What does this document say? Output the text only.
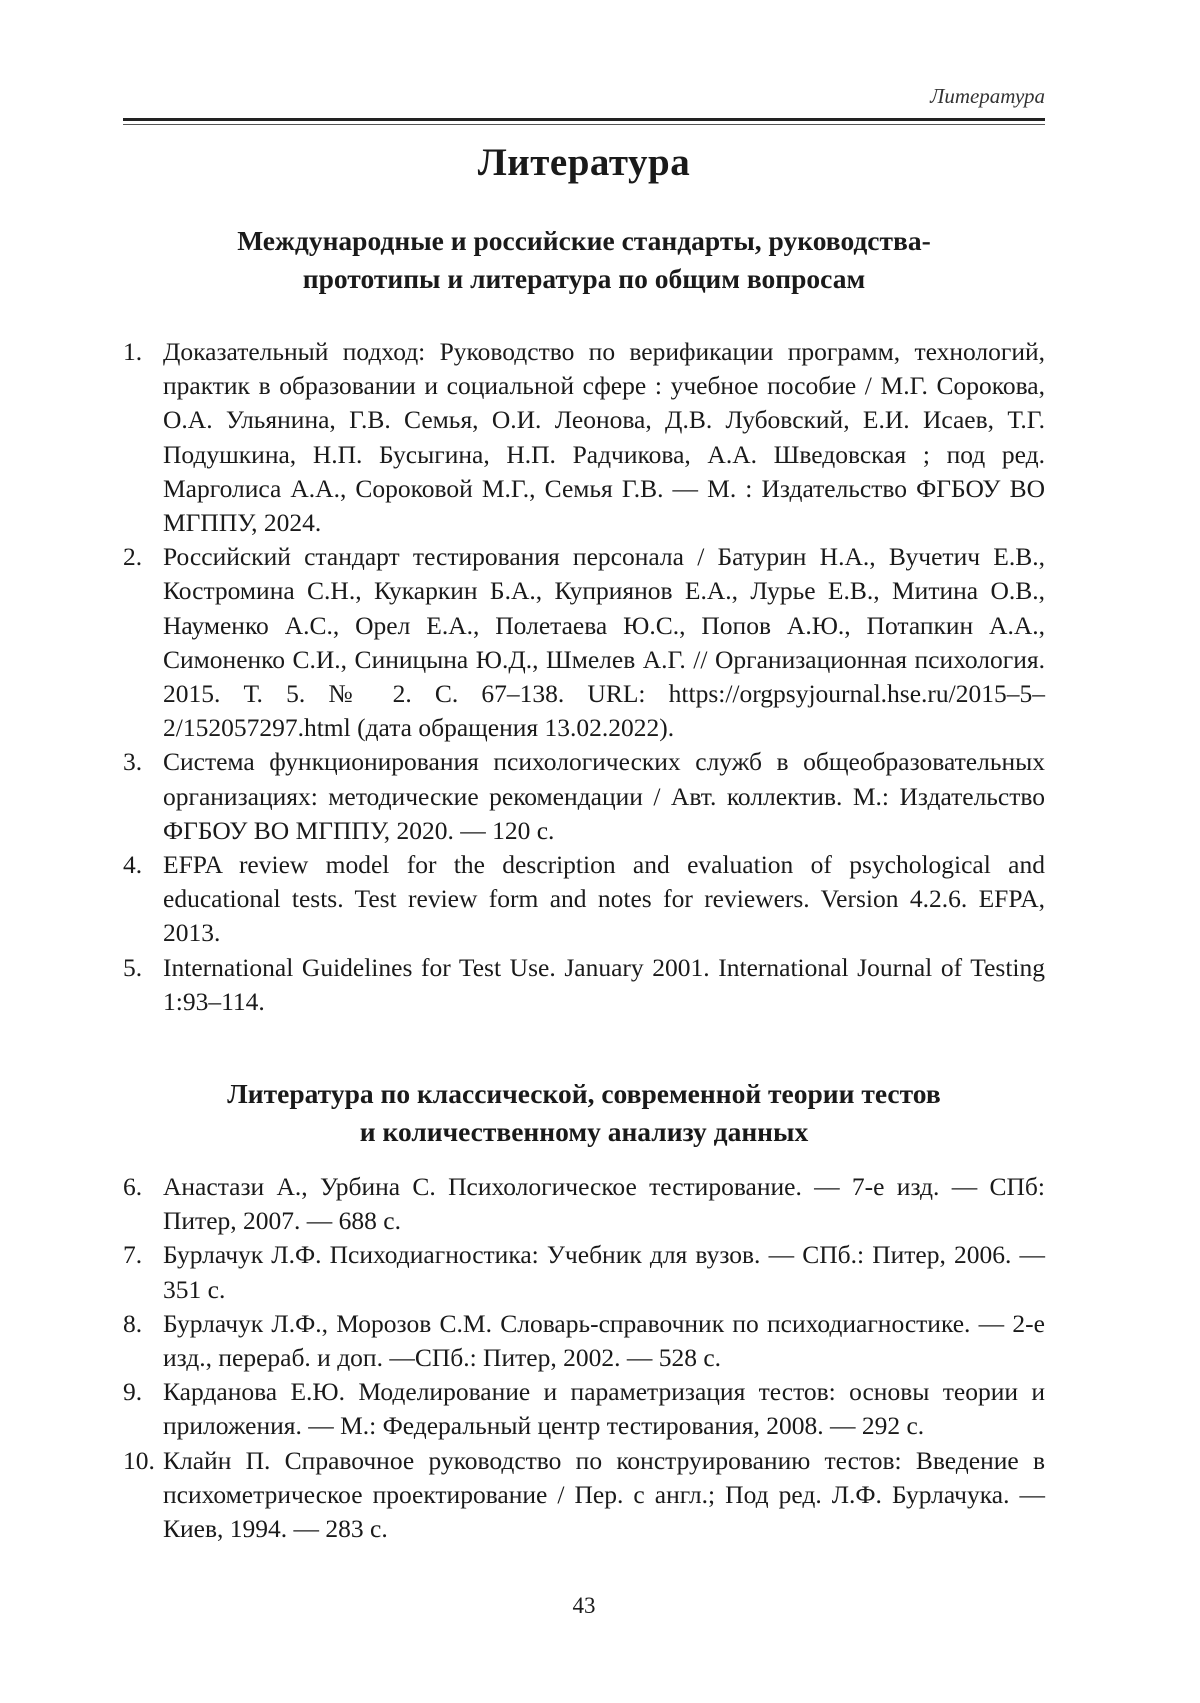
Литература
Литература
Международные и российские стандарты, руководства-
прототипы и литература по общим вопросам
1. Доказательный подход: Руководство по верификации программ, технологий, практик в образовании и социальной сфере : учебное пособие / М.Г. Сорокова, О.А. Ульянина, Г.В. Семья, О.И. Леонова, Д.В. Лубовский, Е.И. Исаев, Т.Г. Подушкина, Н.П. Бусыгина, Н.П. Радчикова, А.А. Шведовская ; под ред. Марголиса А.А., Сороковой М.Г., Семья Г.В. — М. : Издательство ФГБОУ ВО МГППУ, 2024.
2. Российский стандарт тестирования персонала / Батурин Н.А., Вучетич Е.В., Костромина С.Н., Кукаркин Б.А., Куприянов Е.А., Лурье Е.В., Митина О.В., Науменко А.С., Орел Е.А., Полетаева Ю.С., Попов А.Ю., Потапкин А.А., Симоненко С.И., Синицына Ю.Д., Шмелев А.Г. // Организационная психология. 2015. Т. 5. № 2. С. 67–138. URL: https://orgpsyjournal.hse.ru/2015–5–2/152057297.html (дата обращения 13.02.2022).
3. Система функционирования психологических служб в общеобразовательных организациях: методические рекомендации / Авт. коллектив. М.: Издательство ФГБОУ ВО МГППУ, 2020. — 120 с.
4. EFPA review model for the description and evaluation of psychological and educational tests. Test review form and notes for reviewers. Version 4.2.6. EFPA, 2013.
5. International Guidelines for Test Use. January 2001. International Journal of Testing 1:93–114.
Литература по классической, современной теории тестов
и количественному анализу данных
6. Анастази А., Урбина С. Психологическое тестирование. — 7-е изд. — СПб: Питер, 2007. — 688 с.
7. Бурлачук Л.Ф. Психодиагностика: Учебник для вузов. — СПб.: Питер, 2006. — 351 с.
8. Бурлачук Л.Ф., Морозов С.М. Словарь-справочник по психодиагностике. — 2-е изд., перераб. и доп. —СПб.: Питер, 2002. — 528 с.
9. Карданова Е.Ю. Моделирование и параметризация тестов: основы теории и приложения. — М.: Федеральный центр тестирования, 2008. — 292 с.
10. Клайн П. Справочное руководство по конструированию тестов: Введение в психометрическое проектирование / Пер. с англ.; Под ред. Л.Ф. Бурлачука. — Киев, 1994. — 283 с.
43
